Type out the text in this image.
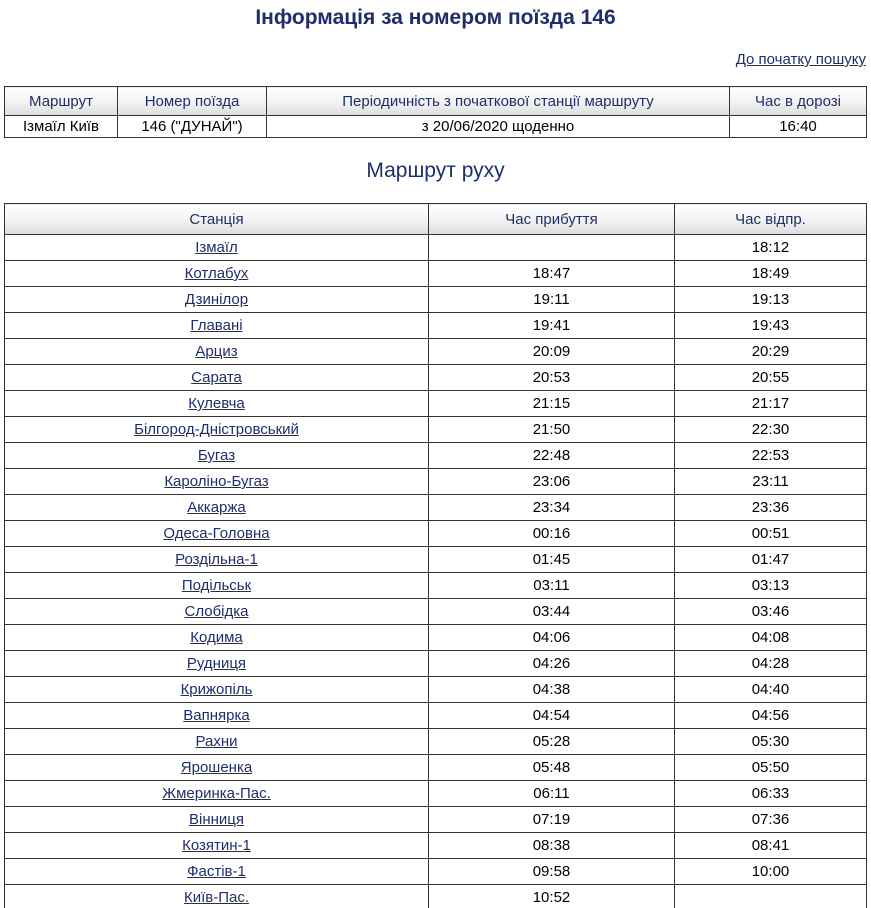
Інформація за номером поїзда 146
До початку пошуку
Маршрут	Номер поїзда	Періодичність з початкової станції маршруту	Час в дорозі
Ізмаїл Київ	146 ("ДУНАЙ")	з 20/06/2020 щоденно	16:40
Маршрут руху
Станція	Час прибуття	Час відпр.
Ізмаїл		18:12
Котлабух	18:47	18:49
Дзинілор	19:11	19:13
Главані	19:41	19:43
Арциз	20:09	20:29
Сарата	20:53	20:55
Кулевча	21:15	21:17
Білгород-Дністровський	21:50	22:30
Бугаз	22:48	22:53
Кароліно-Бугаз	23:06	23:11
Аккаржа	23:34	23:36
Одеса-Головна	00:16	00:51
Роздільна-1	01:45	01:47
Подільськ	03:11	03:13
Слобідка	03:44	03:46
Кодима	04:06	04:08
Рудниця	04:26	04:28
Крижопіль	04:38	04:40
Вапнярка	04:54	04:56
Рахни	05:28	05:30
Ярошенка	05:48	05:50
Жмеринка-Пас.	06:11	06:33
Вінниця	07:19	07:36
Козятин-1	08:38	08:41
Фастів-1	09:58	10:00
Київ-Пас.	10:52	
